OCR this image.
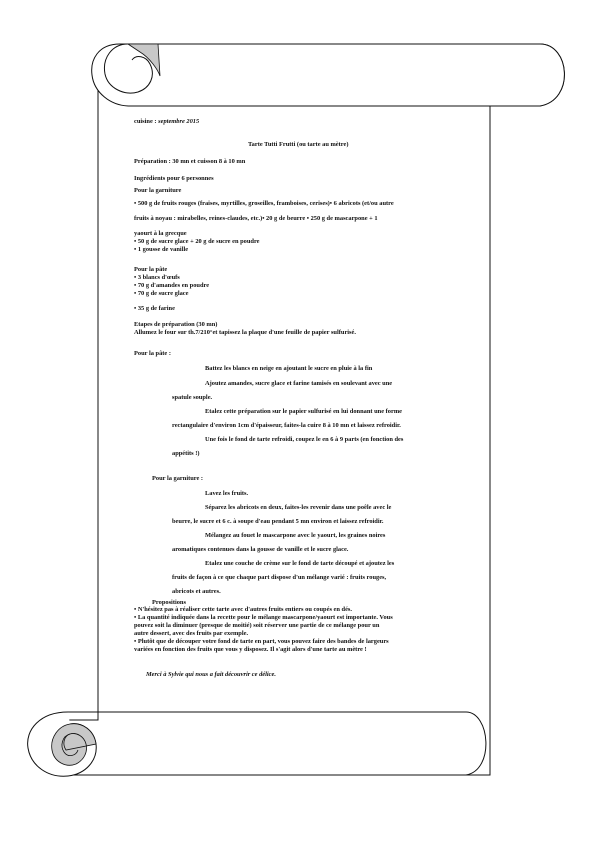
cuisine : septembre 2015
Tarte Tutti Frutti (ou tarte au mètre)
Préparation : 30 mn et cuisson 8 à 10 mn
Ingrédients pour 6 personnes
Pour la garniture
• 500 g de fruits rouges (fraises, myrtilles, groseilles, framboises, cerises)• 6 abricots (et/ou autre
fruits à noyau : mirabelles, reines-claudes, etc.)• 20 g de beurre • 250 g de mascarpone + 1
yaourt à la grecque
• 50 g de sucre glace + 20 g de sucre en poudre
• 1 gousse de vanille
Pour la pâte
• 3 blancs d'œufs
• 70 g d'amandes en poudre
• 70 g de sucre glace
• 35 g de farine
Etapes de préparation (30 mn)
Allumez le four sur th.7/210°et tapissez la plaque d'une feuille de papier sulfurisé.
Pour la pâte :
Battez les blancs en neige en ajoutant le sucre en pluie à la fin
Ajoutez amandes, sucre glace et farine tamisés en soulevant avec une
spatule souple.
Etalez cette préparation sur le papier sulfurisé en lui donnant une forme
rectangulaire d'environ 1cm d'épaisseur, faites-la cuire 8 à 10 mn et laissez refroidir.
Une fois le fond de tarte refroidi, coupez le en 6 à 9 parts (en fonction des
appétits !)
Pour la garniture :
Lavez les fruits.
Séparez les abricots en deux, faites-les revenir dans une poêle avec le
beurre, le sucre et 6 c. à soupe d'eau pendant 5 mn environ et laissez refroidir.
Mélangez au fouet le mascarpone avec le yaourt, les graines noires
aromatiques contenues dans la gousse de vanille et le sucre glace.
Etalez une couche de crème sur le fond de tarte découpé et ajoutez les
fruits de façon à ce que chaque part dispose d'un mélange varié : fruits rouges,
abricots et autres.
Propositions
• N'hésitez pas à réaliser cette tarte avec d'autres fruits entiers ou coupés en dés.
• La quantité indiquée dans la recette pour le mélange mascarpone/yaourt est importante. Vous
pouvez soit la diminuer (presque de moitié) soit réserver une partie de ce mélange pour un
autre dessert, avec des fruits par exemple.
• Plutôt que de découper votre fond de tarte en part, vous pouvez faire des bandes de largeurs
variées en fonction des fruits que vous y disposez. Il s'agit alors d'une tarte au mètre !
Merci à Sylvie qui nous a fait découvrir ce délice.
